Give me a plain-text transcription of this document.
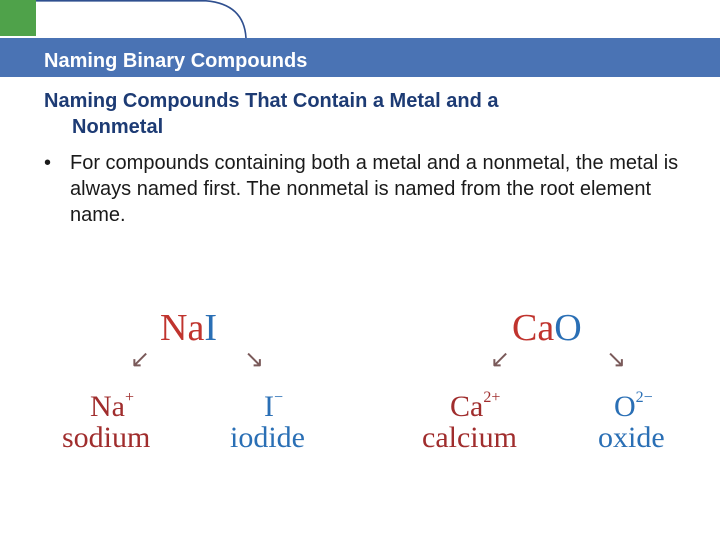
Naming Binary Compounds

Naming Compounds That Contain a Metal and a
Nonmetal

• For compounds containing both a metal and a nonmetal, the metal is always named first. The nonmetal is named from the root element name.
NaI
↙	↘
Na+	I−
sodium	iodide
CaO
↙	↘
$Ca^{2+}$	$O^{2-}$
calcium	oxide
